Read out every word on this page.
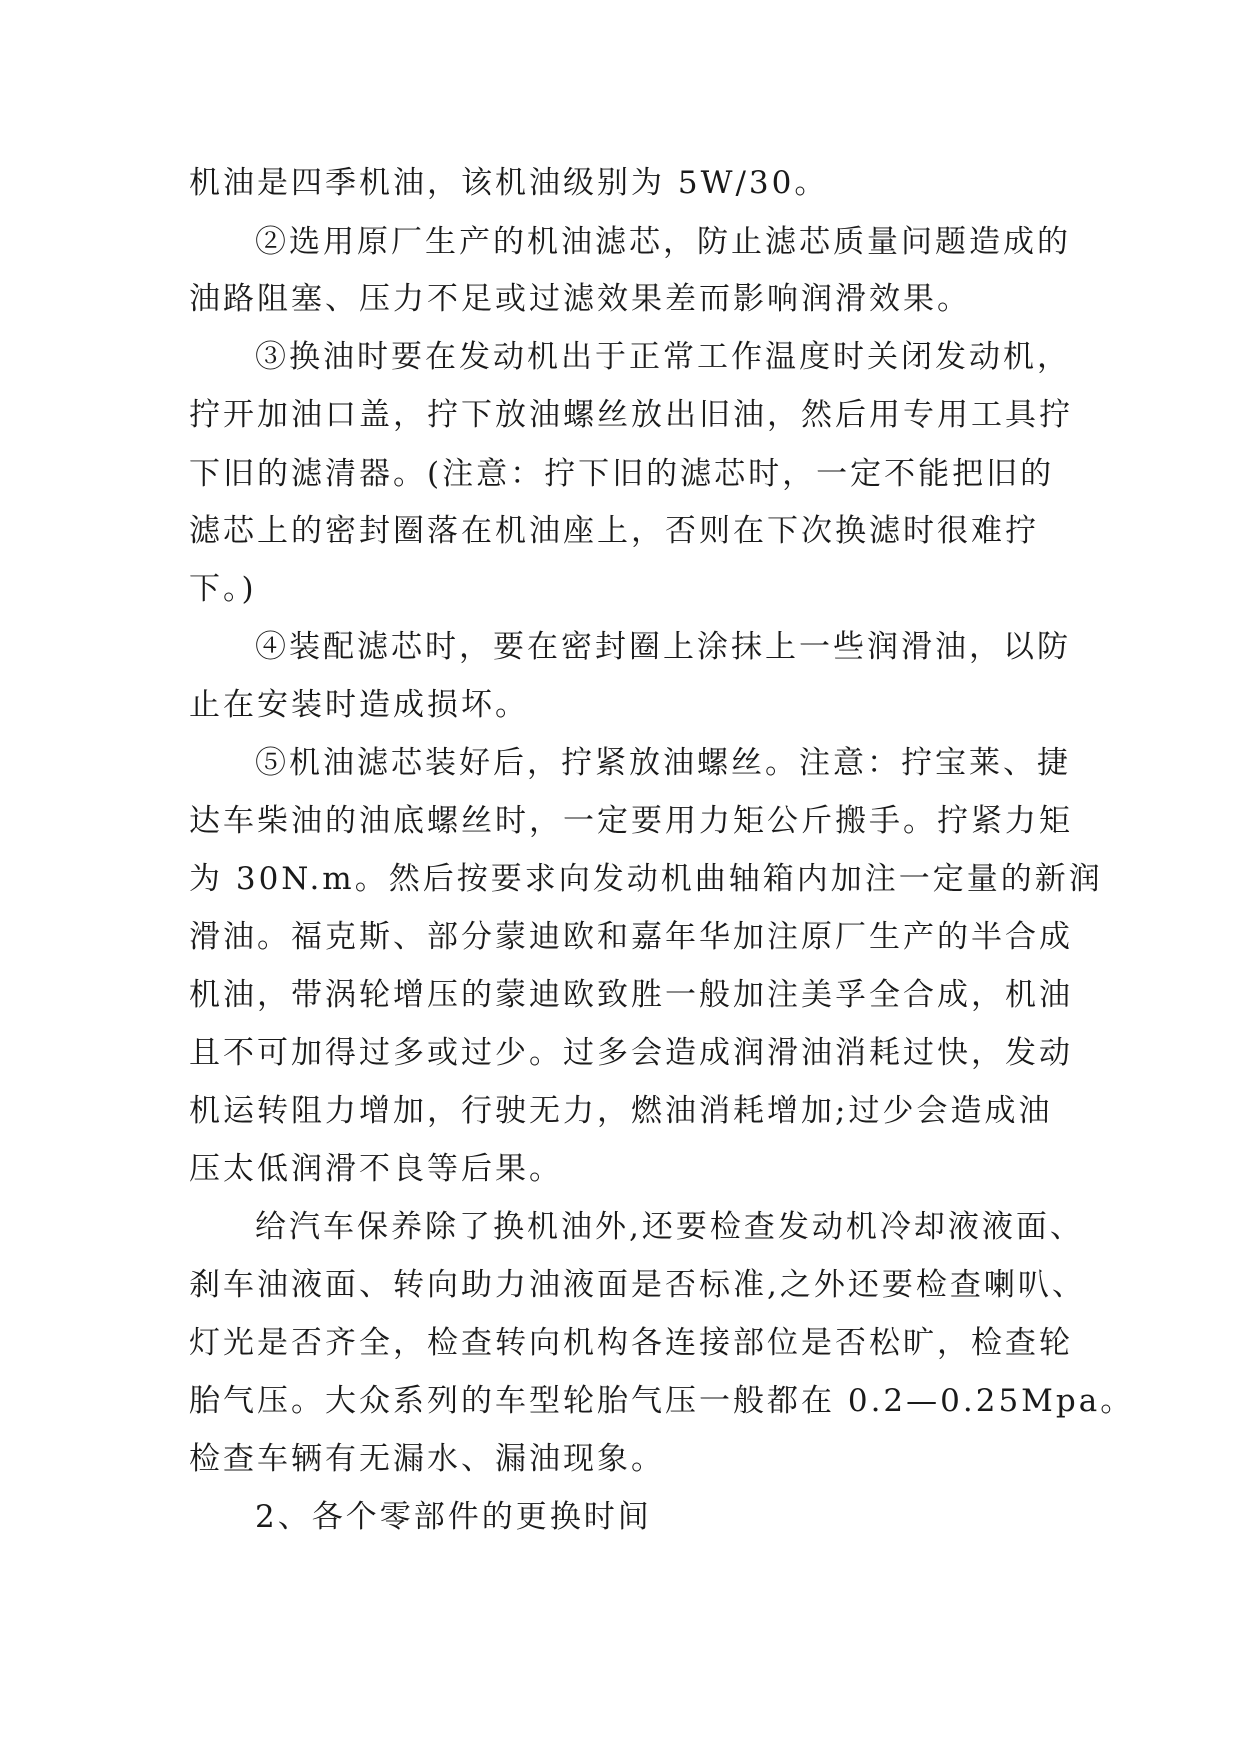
机油是四季机油，该机油级别为 5W/30。
②选用原厂生产的机油滤芯，防止滤芯质量问题造成的
油路阻塞、压力不足或过滤效果差而影响润滑效果。
③换油时要在发动机出于正常工作温度时关闭发动机，
拧开加油口盖，拧下放油螺丝放出旧油，然后用专用工具拧
下旧的滤清器。(注意：拧下旧的滤芯时，一定不能把旧的
滤芯上的密封圈落在机油座上，否则在下次换滤时很难拧
下。)
④装配滤芯时，要在密封圈上涂抹上一些润滑油，以防
止在安装时造成损坏。
⑤机油滤芯装好后，拧紧放油螺丝。注意：拧宝莱、捷
达车柴油的油底螺丝时，一定要用力矩公斤搬手。拧紧力矩
为 30N.m。然后按要求向发动机曲轴箱内加注一定量的新润
滑油。福克斯、部分蒙迪欧和嘉年华加注原厂生产的半合成
机油，带涡轮增压的蒙迪欧致胜一般加注美孚全合成，机油
且不可加得过多或过少。过多会造成润滑油消耗过快，发动
机运转阻力增加，行驶无力，燃油消耗增加;过少会造成油
压太低润滑不良等后果。
给汽车保养除了换机油外,还要检查发动机冷却液液面、
刹车油液面、转向助力油液面是否标准,之外还要检查喇叭、
灯光是否齐全，检查转向机构各连接部位是否松旷，检查轮
胎气压。大众系列的车型轮胎气压一般都在 0.2—0.25Mpa。
检查车辆有无漏水、漏油现象。
2、各个零部件的更换时间
